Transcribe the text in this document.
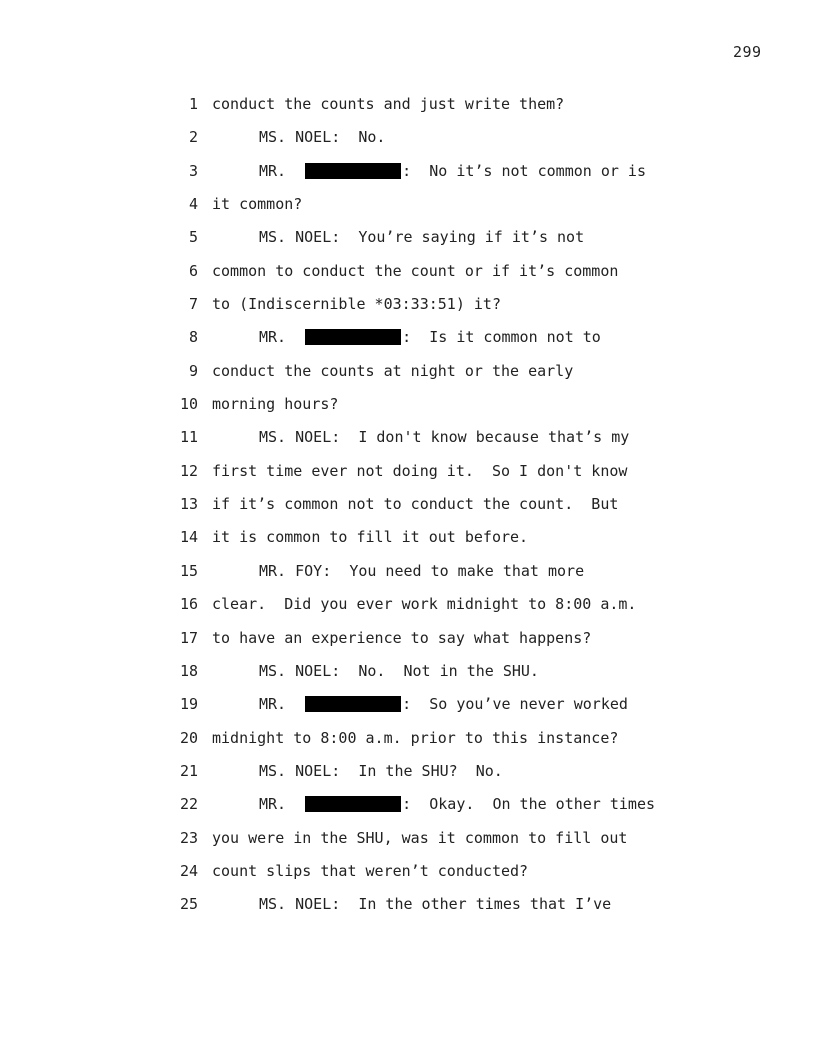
299
1 conduct the counts and just write them?
2	MS. NOEL: No.
3	MR.	: No it’s not common or is
4 it common?
5	MS. NOEL: You’re saying if it’s not
6 common to conduct the count or if it’s common
7 to (Indiscernible *03:33:51) it?
8	MR.	: Is it common not to
9 conduct the counts at night or the early
10 morning hours?
11	MS. NOEL: I don't know because that’s my
12 first time ever not doing it.  So I don't know
13 if it’s common not to conduct the count.  But
14 it is common to fill it out before.
15	MR. FOY: You need to make that more
16 clear.  Did you ever work midnight to 8:00 a.m.
17 to have an experience to say what happens?
18	MS. NOEL: No.  Not in the SHU.
19	MR.	: So you’ve never worked
20 midnight to 8:00 a.m. prior to this instance?
21	MS. NOEL: In the SHU?  No.
22	MR.	: Okay.  On the other times
23 you were in the SHU, was it common to fill out
24 count slips that weren’t conducted?
25	MS. NOEL: In the other times that I’ve
